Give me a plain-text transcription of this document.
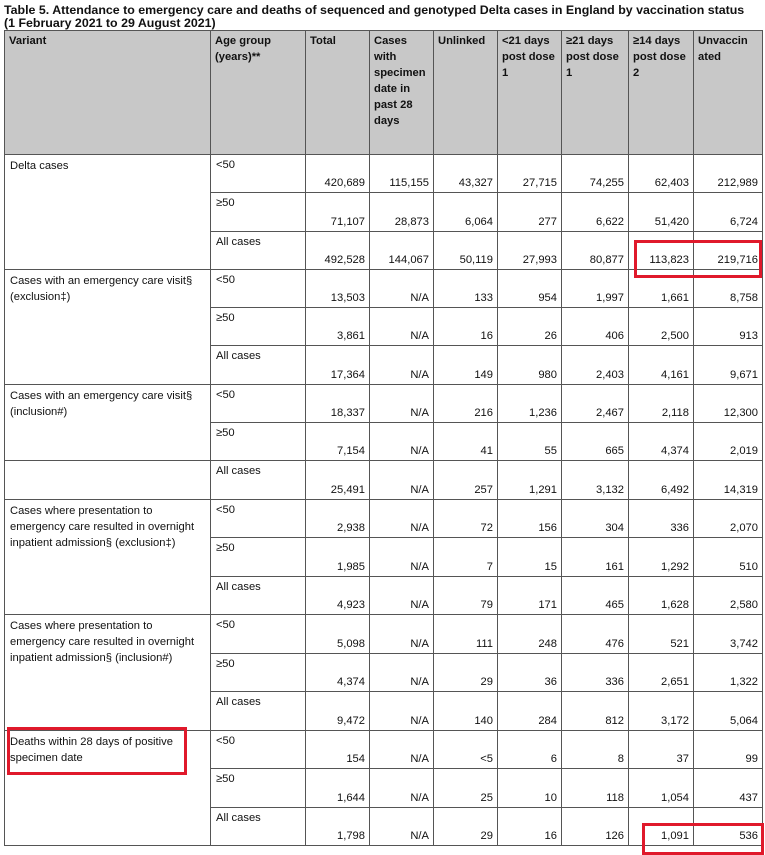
Table 5. Attendance to emergency care and deaths of sequenced and genotyped Delta cases in England by vaccination status
(1 February 2021 to 29 August 2021)
Variant	Age group (years)**	Total	Cases with specimen date in past 28 days	Unlinked	<21 days post dose 1	≥21 days post dose 1	≥14 days post dose 2	Unvaccin ated
Delta cases	<50	420,689	115,155	43,327	27,715	74,255	62,403	212,989
	≥50	71,107	28,873	6,064	277	6,622	51,420	6,724
	All cases	492,528	144,067	50,119	27,993	80,877	113,823	219,716
Cases with an emergency care visit§ (exclusion‡)	<50	13,503	N/A	133	954	1,997	1,661	8,758
	≥50	3,861	N/A	16	26	406	2,500	913
	All cases	17,364	N/A	149	980	2,403	4,161	9,671
Cases with an emergency care visit§ (inclusion#)	<50	18,337	N/A	216	1,236	2,467	2,118	12,300
	≥50	7,154	N/A	41	55	665	4,374	2,019
	All cases	25,491	N/A	257	1,291	3,132	6,492	14,319
Cases where presentation to emergency care resulted in overnight inpatient admission§ (exclusion‡)	<50	2,938	N/A	72	156	304	336	2,070
	≥50	1,985	N/A	7	15	161	1,292	510
	All cases	4,923	N/A	79	171	465	1,628	2,580
Cases where presentation to emergency care resulted in overnight inpatient admission§ (inclusion#)	<50	5,098	N/A	111	248	476	521	3,742
	≥50	4,374	N/A	29	36	336	2,651	1,322
	All cases	9,472	N/A	140	284	812	3,172	5,064
Deaths within 28 days of positive specimen date	<50	154	N/A	<5	6	8	37	99
	≥50	1,644	N/A	25	10	118	1,054	437
	All cases	1,798	N/A	29	16	126	1,091	536
